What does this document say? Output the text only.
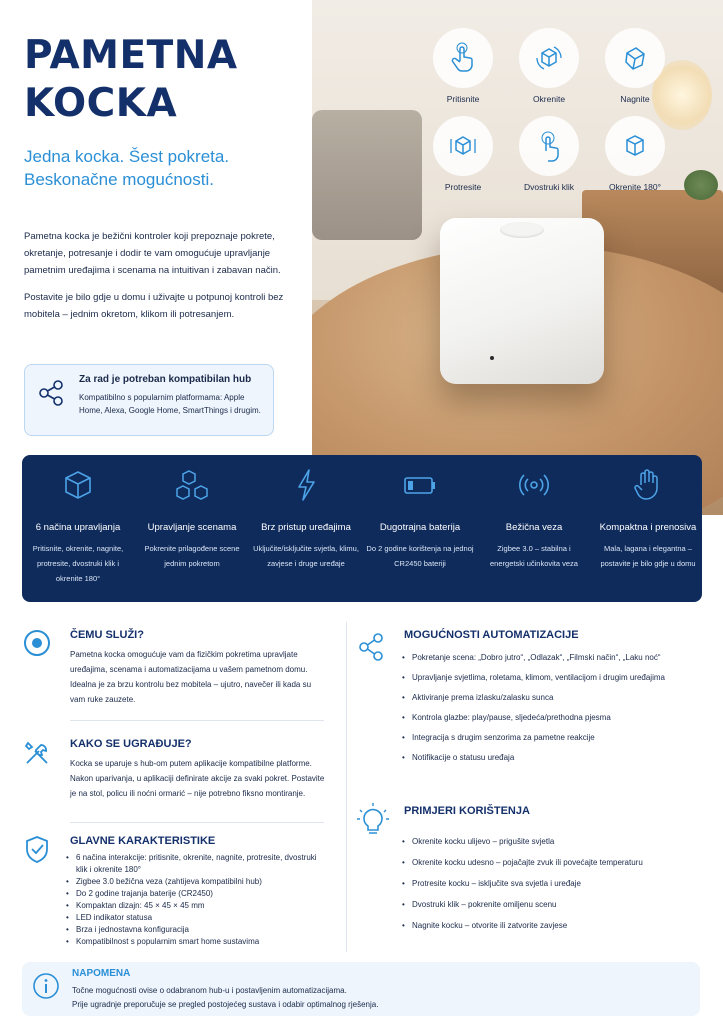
PAMETNA
KOCKA
Jedna kocka. Šest pokreta.
Beskonačne mogućnosti.

Pametna kocka je bežični kontroler koji prepoznaje pokrete, okretanje, potresanje i dodir te vam omogućuje upravljanje pametnim uređajima i scenama na intuitivan i zabavan način.

Postavite je bilo gdje u domu i uživajte u potpunoj kontroli bez mobitela – jednim okretom, klikom ili potresanjem.

Za rad je potreban kompatibilan hub
Kompatibilno s popularnim platformama: Apple Home, Alexa, Google Home, SmartThings i drugim.
Pritisnite	Okrenite	Nagnite
Protresite	Dvostruki klik	Okrenite 180°
6 načina upravljanja
Pritisnite, okrenite, nagnite, protresite, dvostruki klik i okrenite 180°
Upravljanje scenama
Pokrenite prilagođene scene jednim pokretom
Brz pristup uređajima
Uključite/isključite svjetla, klimu, zavjese i druge uređaje
Dugotrajna baterija
Do 2 godine korištenja na jednoj CR2450 bateriji
Bežična veza
Zigbee 3.0 – stabilna i energetski učinkovita veza
Kompaktna i prenosiva
Mala, lagana i elegantna – postavite je bilo gdje u domu
ČEMU SLUŽI?
Pametna kocka omogućuje vam da fizičkim pokretima upravljate uređajima, scenama i automatizacijama u vašem pametnom domu. Idealna je za brzu kontrolu bez mobitela – ujutro, navečer ili kada su vam ruke zauzete.
KAKO SE UGRAĐUJE?
Kocka se uparuje s hub-om putem aplikacije kompatibilne platforme. Nakon uparivanja, u aplikaciji definirate akcije za svaki pokret. Postavite je na stol, policu ili noćni ormarić – nije potrebno fiksno montiranje.
GLAVNE KARAKTERISTIKE
• 6 načina interakcije: pritisnite, okrenite, nagnite, protresite, dvostruki klik i okrenite 180°
• Zigbee 3.0 bežična veza (zahtijeva kompatibilni hub)
• Do 2 godine trajanja baterije (CR2450)
• Kompaktan dizajn: 45 × 45 × 45 mm
• LED indikator statusa
• Brza i jednostavna konfiguracija
• Kompatibilnost s popularnim smart home sustavima
MOGUĆNOSTI AUTOMATIZACIJE
• Pokretanje scena: „Dobro jutro“, „Odlazak“, „Filmski način“, „Laku noć“
• Upravljanje svjetlima, roletama, klimom, ventilacijom i drugim uređajima
• Aktiviranje prema izlasku/zalasku sunca
• Kontrola glazbe: play/pause, sljedeća/prethodna pjesma
• Integracija s drugim senzorima za pametne reakcije
• Notifikacije o statusu uređaja
PRIMJERI KORIŠTENJA
• Okrenite kocku ulijevo – prigušite svjetla
• Okrenite kocku udesno – pojačajte zvuk ili povećajte temperaturu
• Protresite kocku – isključite sva svjetla i uređaje
• Dvostruki klik – pokrenite omiljenu scenu
• Nagnite kocku – otvorite ili zatvorite zavjese
NAPOMENA
Točne mogućnosti ovise o odabranom hub-u i postavljenim automatizacijama.
Prije ugradnje preporučuje se pregled postojećeg sustava i odabir optimalnog rješenja.
